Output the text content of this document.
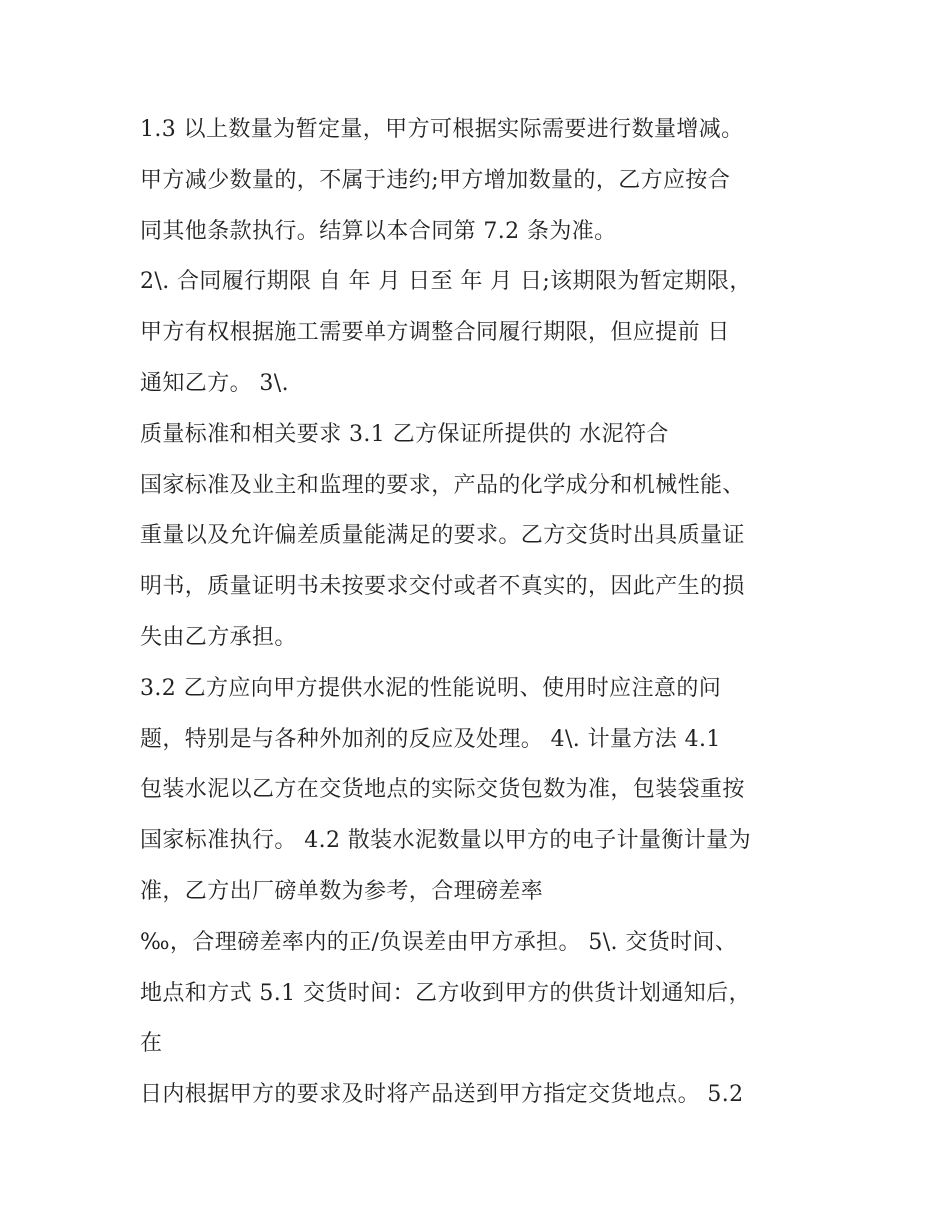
1.3 以上数量为暂定量，甲方可根据实际需要进行数量增减。
甲方减少数量的，不属于违约;甲方增加数量的，乙方应按合
同其他条款执行。结算以本合同第 7.2 条为准。
2\. 合同履行期限 自 年 月 日至 年 月 日;该期限为暂定期限，
甲方有权根据施工需要单方调整合同履行期限，但应提前 日
通知乙方。 3\.
质量标准和相关要求 3.1 乙方保证所提供的 水泥符合
国家标准及业主和监理的要求，产品的化学成分和机械性能、
重量以及允许偏差质量能满足的要求。乙方交货时出具质量证
明书，质量证明书未按要求交付或者不真实的，因此产生的损
失由乙方承担。
3.2 乙方应向甲方提供水泥的性能说明、使用时应注意的问
题，特别是与各种外加剂的反应及处理。 4\. 计量方法 4.1
包装水泥以乙方在交货地点的实际交货包数为准，包装袋重按
国家标准执行。 4.2 散装水泥数量以甲方的电子计量衡计量为
准，乙方出厂磅单数为参考，合理磅差率
‰，合理磅差率内的正/负误差由甲方承担。 5\. 交货时间、
地点和方式 5.1 交货时间：乙方收到甲方的供货计划通知后，
在
日内根据甲方的要求及时将产品送到甲方指定交货地点。 5.2
